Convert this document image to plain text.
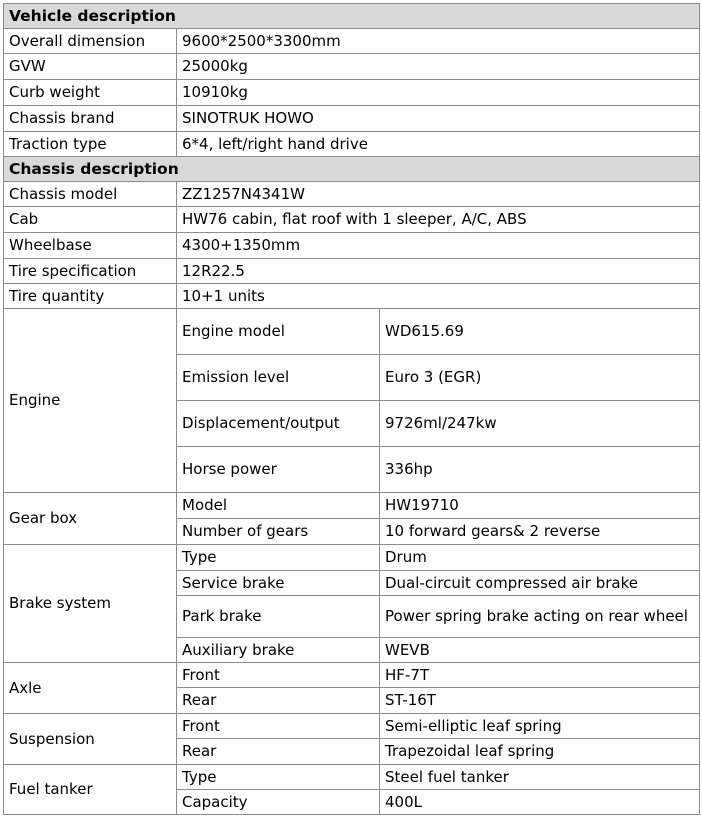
Vehicle description		
Overall dimension	9600*2500*3300mm	
GVW	25000kg	
Curb weight	10910kg	
Chassis brand	SINOTRUK HOWO	
Traction type	6*4, left/right hand drive	
Chassis description		
Chassis model	ZZ1257N4341W	
Cab	HW76 cabin, flat roof with 1 sleeper, A/C, ABS	
Wheelbase	4300+1350mm	
Tire specification	12R22.5	
Tire quantity	10+1 units	
Engine	Engine model	WD615.69
	Emission level	Euro 3 (EGR)
	Displacement/output	9726ml/247kw
	Horse power	336hp
Gear box	Model	HW19710
	Number of gears	10 forward gears& 2 reverse
Brake system	Type	Drum
	Service brake	Dual-circuit compressed air brake
	Park brake	Power spring brake acting on rear wheel
	Auxiliary brake	WEVB
Axle	Front	HF-7T
	Rear	ST-16T
Suspension	Front	Semi-elliptic leaf spring
	Rear	Trapezoidal leaf spring
Fuel tanker	Type	Steel fuel tanker
	Capacity	400L
